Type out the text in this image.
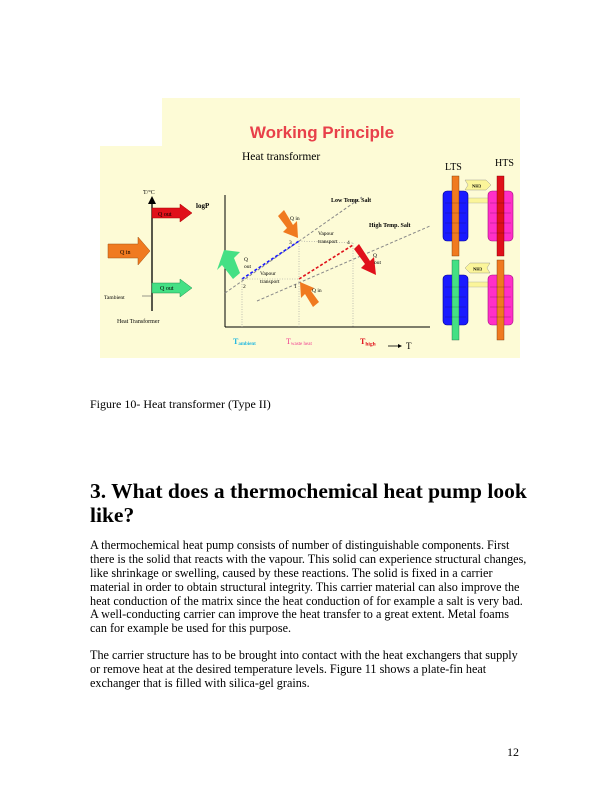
Working Principle
Heat transformer
T/°C
Q out
Q in
Q out
Tambient
Heat Transformer
logP
Low Temp. Salt
High Temp. Salt
Q in
Q in
Q
out
Q
out
Vapour
transport
Vapour
transport
1
2
3	4
Tambient	Twaste heat	Thigh	T
LTS	HTS
NH3
NH3
Figure 10- Heat transformer (Type II)
3. What does a thermochemical heat pump look
like?
A thermochemical heat pump consists of number of distinguishable components. First
there is the solid that reacts with the vapour. This solid can experience structural changes,
like shrinkage or swelling, caused by these reactions. The solid is fixed in a carrier
material in order to obtain structural integrity. This carrier material can also improve the
heat conduction of the matrix since the heat conduction of for example a salt is very bad.
A well-conducting carrier can improve the heat transfer to a great extent. Metal foams
can for example be used for this purpose.
The carrier structure has to be brought into contact with the heat exchangers that supply
or remove heat at the desired temperature levels. Figure 11 shows a plate-fin heat
exchanger that is filled with silica-gel grains.
12
